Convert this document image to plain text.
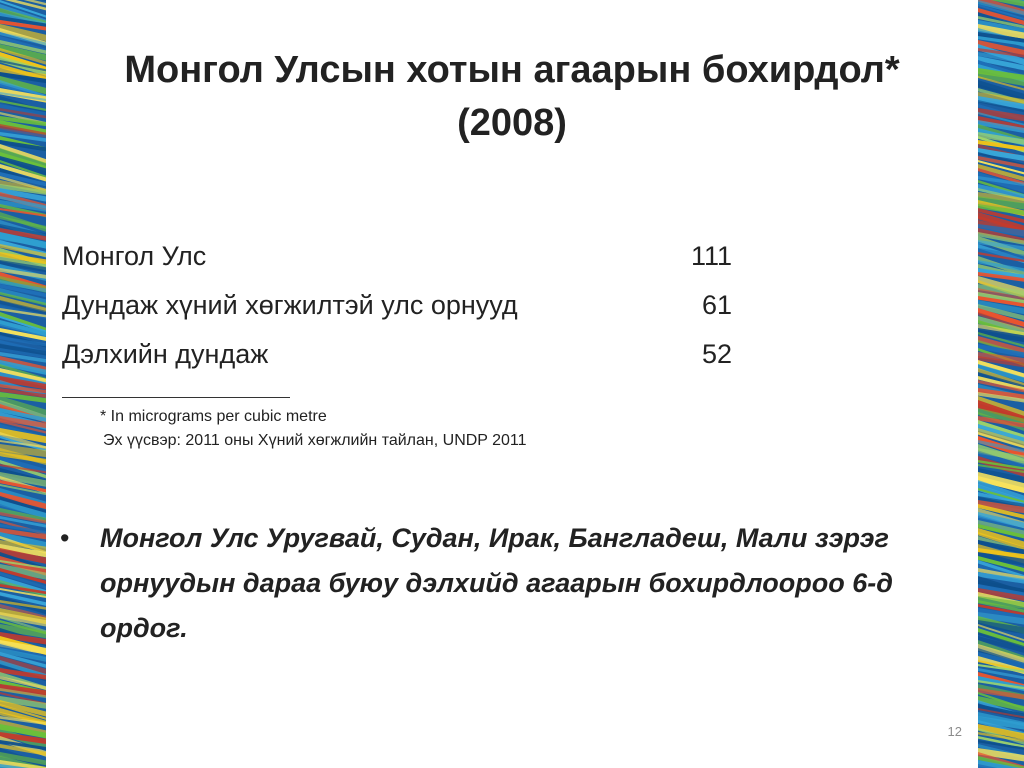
Монгол Улсын хотын агаарын бохирдол*
(2008)
Монгол Улс	111
Дундаж хүний хөгжилтэй улс орнууд	61
Дэлхийн дундаж	52
* In micrograms per cubic metre
Эх үүсвэр: 2011 оны Хүний хөгжлийн тайлан, UNDP 2011
• Монгол Улс Уругвай, Судан, Ирак, Бангладеш, Мали зэрэг орнуудын дараа буюу дэлхийд агаарын бохирдлоороо 6-д ордог.
12
